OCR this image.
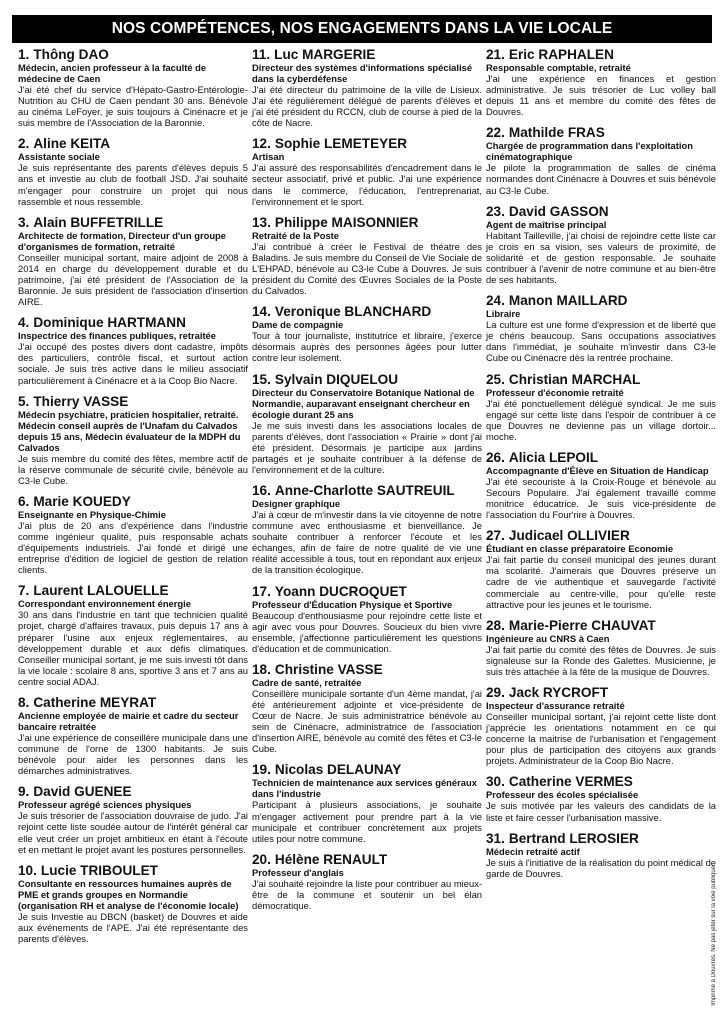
NOS COMPÉTENCES, NOS ENGAGEMENTS DANS LA VIE LOCALE
1. Thông DAO
Médecin, ancien professeur à la faculté de médecine de Caen
J'ai été chef du service d'Hépato-Gastro-Entérologie-Nutrition au CHU de Caen pendant 30 ans. Bénévole au cinéma LeFoyer, je suis toujours à Cinénacre et je suis membre de l'Association de la Baronnie.
2. Aline KEITA
Assistante sociale
Je suis représentante des parents d'élèves depuis 5 ans et investie au club de football JSD. J'ai souhaité m'engager pour construire un projet qui nous rassemble et nous ressemble.
3. Alain BUFFETRILLE
Architecte de formation, Directeur d'un groupe d'organismes de formation, retraité
Conseiller municipal sortant, maire adjoint de 2008 à 2014 en charge du développement durable et du patrimoine, j'ai été président de l'Association de la Baronnie. Je suis président de l'association d'insertion AIRE.
4. Dominique HARTMANN
Inspectrice des finances publiques, retraitée
J'ai occupé des postes divers dont cadastre, impôts des particuliers, contrôle fiscal, et surtout action sociale. Je suis très active dans le milieu associatif particulièrement à Cinénacre et à la Coop Bio Nacre.
5. Thierry VASSE
Médecin psychiatre, praticien hospitalier, retraité. Médecin conseil auprès de l'Unafam du Calvados depuis 15 ans, Médecin évaluateur de la MDPH du Calvados
Je suis membre du comité des fêtes, membre actif de la réserve communale de sécurité civile, bénévole au C3-le Cube.
6. Marie KOUEDY
Enseignante en Physique-Chimie
J'ai plus de 20 ans d'expérience dans l'industrie comme ingénieur qualité, puis responsable achats d'équipements industriels. J'ai fondé et dirigé une entreprise d'édition de logiciel de gestion de relation clients.
7. Laurent LALOUELLE
Correspondant environnement énergie
30 ans dans l'industrie en tant que technicien qualité projet, chargé d'affaires travaux, puis depuis 17 ans à préparer l'usine aux enjeux réglementaires, au développement durable et aux défis climatiques. Conseiller municipal sortant, je me suis investi tôt dans la vie locale : scolaire 8 ans, sportive 3 ans et 7 ans au centre social ADAJ.
8. Catherine MEYRAT
Ancienne employée de mairie et cadre du secteur bancaire retraitée
J'ai une expérience de conseillère municipale dans une commune de l'orne de 1300 habitants. Je suis bénévole pour aider les personnes dans les démarches administratives.
9. David GUENEE
Professeur agrégé sciences physiques
Je suis trésorier de l'association douvraise de judo. J'ai rejoint cette liste soudée autour de l'intérêt général car elle veut créer un projet ambitieux en étant à l'écoute et en mettant le projet avant les postures personnelles.
10. Lucie TRIBOULET
Consultante en ressources humaines auprès de PME et grands groupes en Normandie (organisation RH et analyse de l'économie locale)
Je suis Investie au DBCN (basket) de Douvres et aide aux événements de l'APE. J'ai été représentante des parents d'élèves.
11. Luc MARGERIE
Directeur des systèmes d'informations spécialisé dans la cyberdéfense
J'ai été directeur du patrimoine de la ville de Lisieux. J'ai été régulièrement délégué de parents d'élèves et j'ai été président du RCCN, club de course à pied de la côte de Nacre.
12. Sophie LEMETEYER
Artisan
J'ai assuré des responsabilités d'encadrement dans le secteur associatif, privé et public. J'ai une expérience dans le commerce, l'éducation, l'entreprenariat, l'environnement et le sport.
13. Philippe MAISONNIER
Retraité de la Poste
J'ai contribué à créer le Festival de théatre des Baladins. Je suis membre du Conseil de Vie Sociale de L'EHPAD, bénévole au C3-le Cube à Douvres. Je suis président du Comité des Œuvres Sociales de la Poste du Calvados.
14. Veronique BLANCHARD
Dame de compagnie
Tour à tour journaliste, institutrice et libraire, j'exerce désormais auprès des personnes âgées pour lutter contre leur isolement.
15. Sylvain DIQUELOU
Directeur du Conservatoire Botanique National de Normandie, auparavant enseignant chercheur en écologie durant 25 ans
Je me suis investi dans les associations locales de parents d'élèves, dont l'association « Prairie » dont j'ai été président. Désormais je participe aux jardins partagés et je souhaite contribuer à la défense de l'environnement et de la culture.
16. Anne-Charlotte SAUTREUIL
Designer graphique
J'ai à cœur de m'investir dans la vie citoyenne de notre commune avec enthousiasme et bienveillance. Je souhaite contribuer à renforcer l'écoute et les échanges, afin de faire de notre qualité de vie une réalité accessible à tous, tout en répondant aux enjeux de la transition écologique.
17. Yoann DUCROQUET
Professeur d'Éducation Physique et Sportive
Beaucoup d'enthousiasme pour rejoindre cette liste et agir avec vous pour Douvres. Soucieux du bien vivre ensemble, j'affectionne particulièrement les questions d'éducation et de communication.
18. Christine VASSE
Cadre de santé, retraitée
Conseillère municipale sortante d'un 4ème mandat, j'ai été antérieurement adjointe et vice-présidente de Cœur de Nacre. Je suis administratrice bénévole au sein de Cinénacre, administratrice de l'association d'insertion AIRE, bénévole au comité des fêtes et C3-le Cube.
19. Nicolas DELAUNAY
Technicien de maintenance aux services généraux dans l'industrie
Participant à plusieurs associations, je souhaite m'engager activement pour prendre part à la vie municipale et contribuer concrètement aux projets utiles pour notre commune.
20. Hélène RENAULT
Professeur d'anglais
J'ai souhaité rejoindre la liste pour contribuer au mieux-être de la commune et soutenir un bel élan démocratique.
21. Eric RAPHALEN
Responsable comptable, retraité
J'ai une expérience en finances et gestion administrative. Je suis trésorier de Luc volley ball depuis 11 ans et membre du comité des fêtes de Douvres.
22. Mathilde FRAS
Chargée de programmation dans l'exploitation cinématographique
Je pilote la programmation de salles de cinéma normandes dont Cinénacre à Douvres et suis bénévole au C3-le Cube.
23. David GASSON
Agent de maîtrise principal
Habitant Tailleville, j'ai choisi de rejoindre cette liste car je crois en sa vision, ses valeurs de proximité, de solidarité et de gestion responsable. Je souhaite contribuer à l'avenir de notre commune et au bien-être de ses habitants.
24. Manon MAILLARD
Libraire
La culture est une forme d'expression et de liberté que je chéris beaucoup. Sans occupations associatives dans l'immédiat, je souhaite m'investir dans C3-le Cube ou Cinénacre dès la rentrée prochaine.
25. Christian MARCHAL
Professeur d'économie retraité
J'ai été ponctuellement délégué syndical. Je me suis engagé sur cette liste dans l'espoir de contribuer à ce que Douvres ne devienne pas un village dortoir... moche.
26. Alicia LEPOIL
Accompagnante d'Élève en Situation de Handicap
J'ai été secouriste à la Croix-Rouge et bénévole au Secours Populaire. J'ai également travaillé comme monitrice éducatrice. Je suis vice-présidente de l'association du Four'rire à Douvres.
27. Judicael OLLIVIER
Étudiant en classe préparatoire Economie
J'ai fait partie du conseil municipal des jeunes durant ma scolarité. J'aimerais que Douvres préserve un cadre de vie authentique et sauvegarde l'activité commerciale au centre-ville, pour qu'elle reste attractive pour les jeunes et le tourisme.
28. Marie-Pierre CHAUVAT
Ingénieure au CNRS à Caen
J'ai fait partie du comité des fêtes de Douvres. Je suis signaleuse sur la Ronde des Galettes. Musicienne, je suis très attachée à la fête de la musique de Douvres.
29. Jack RYCROFT
Inspecteur d'assurance retraité
Conseiller municipal sortant, j'ai rejoint cette liste dont j'apprécie les orientations notamment en ce qui concerne la maitrise de l'urbanisation et l'engagement pour plus de participation des citoyens aux grands projets. Administrateur de la Coop Bio Nacre.
30. Catherine VERMES
Professeur des écoles spécialisée
Je suis motivée par les valeurs des candidats de la liste et faire cesser l'urbanisation massive.
31. Bertrand LEROSIER
Médecin retraité actif
Je suis à l'initiative de la réalisation du point médical de garde de Douvres.	Imprimé à Douvres. Ne pas jeter sur la voie publique
